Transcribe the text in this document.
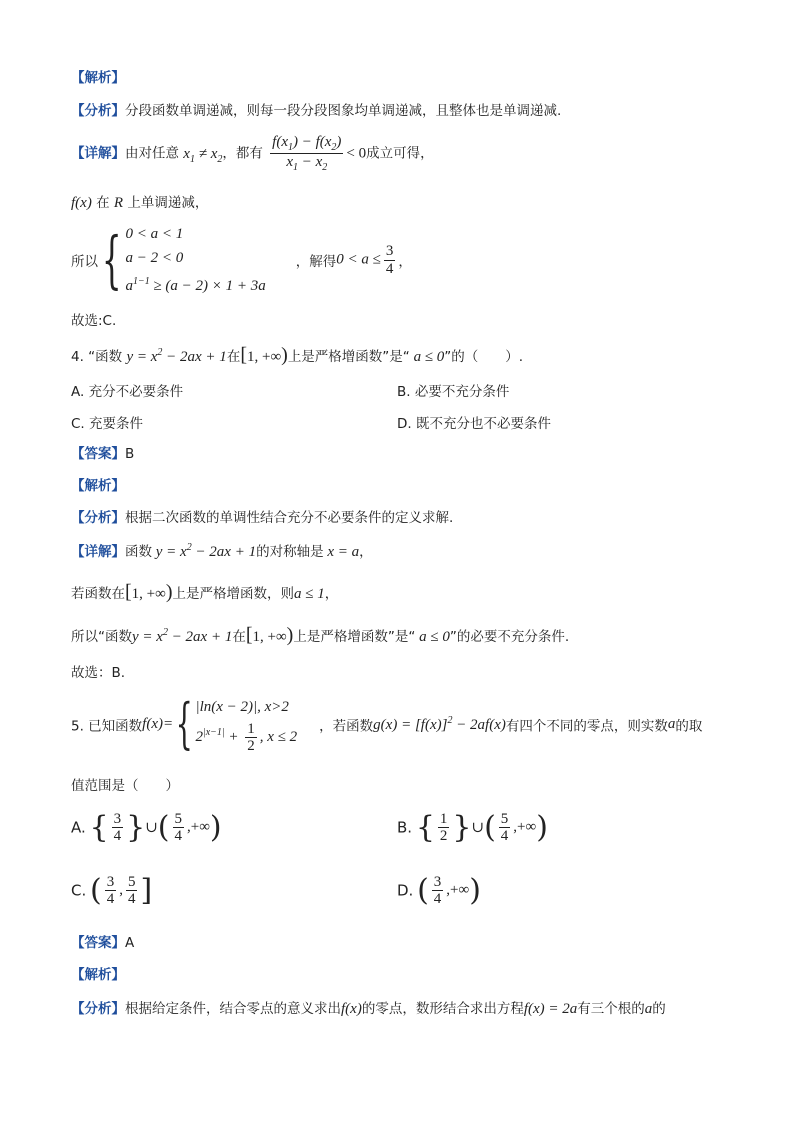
【解析】
【分析】分段函数单调递减，则每一段分段图象均单调递减，且整体也是单调递减.
【详解】由对任意 $x_1 \ne x_2$，都有 $\frac{f(x_1) - f(x_2)}{x_1 - x_2} < 0$成立可得，
f(x) 在 R 上单调递减，
所以{ 0 < a < 1
a − 2 < 0
$a^{1-1} \ge (a - 2) \times 1 + 3a$
，解得$0 < a \le \frac{3}{4}$ ，
故选:C.
4. “函数 $y = x^2 - 2ax + 1$在[1, +∞)上是严格增函数”是“ a ≤ 0”的（　　）.
A. 充分不必要条件	B. 必要不充分条件
C. 充要条件	D. 既不充分也不必要条件
【答案】B
【解析】
【分析】根据二次函数的单调性结合充分不必要条件的定义求解.
【详解】函数 $y = x^2 - 2ax + 1$的对称轴是 x = a，
若函数在[1, +∞)上是严格增函数，则a ≤ 1，
所以“函数$y = x^2 - 2ax + 1$在[1, +∞)上是严格增函数”是“ a ≤ 0”的必要不充分条件.
故选：B.
5. 已知函数f(x)={ |ln(x − 2)|, x>2
$2^{|x-1|} + \frac{1}{2}$ , x ≤ 2
，若函数$g(x) = [f(x)]^2 - 2af(x)$有四个不同的零点，则实数a的取
值范围是（　　）
A. { $\frac{3}{4}$ }∪( $\frac{5}{4}$ ,+∞)	B. { $\frac{1}{2}$ }∪( $\frac{5}{4}$ ,+∞)
C. ( $\frac{3}{4}$ , $\frac{5}{4}$ ]	D. ( $\frac{3}{4}$ ,+∞)
【答案】A
【解析】
【分析】根据给定条件，结合零点的意义求出f(x)的零点，数形结合求出方程f(x) = 2a有三个根的a的
